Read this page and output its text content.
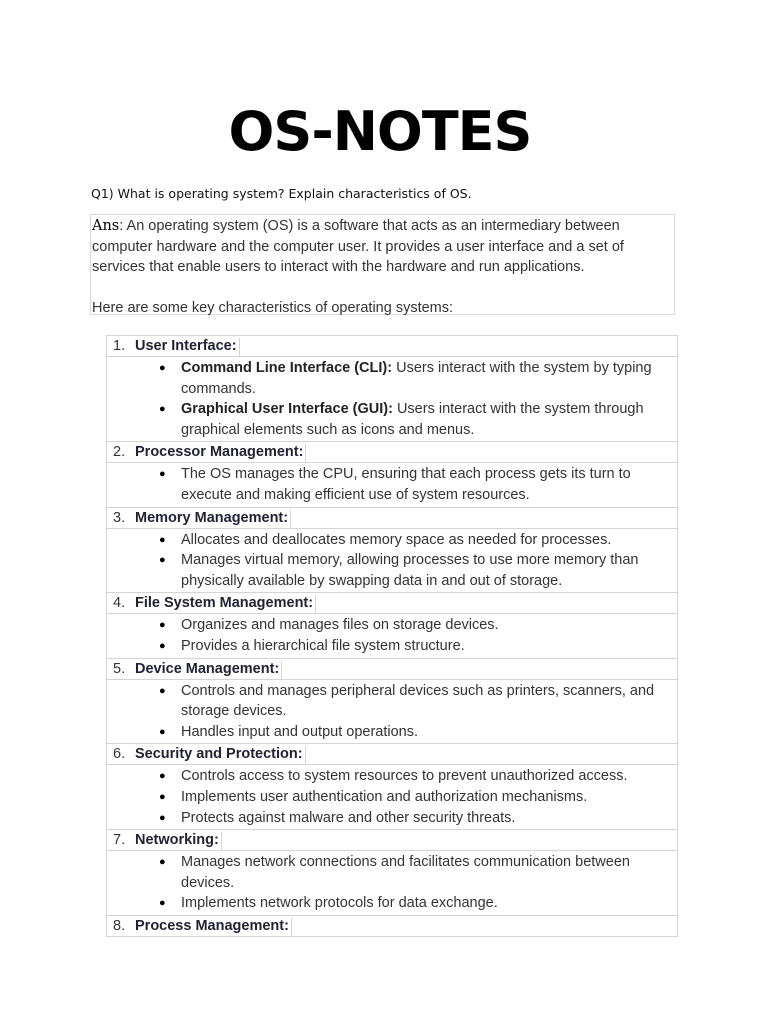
OS-NOTES
Q1) What is operating system? Explain characteristics of OS.

Ans: An operating system (OS) is a software that acts as an intermediary between computer hardware and the computer user. It provides a user interface and a set of services that enable users to interact with the hardware and run applications.

Here are some key characteristics of operating systems:

1. User Interface:
● Command Line Interface (CLI): Users interact with the system by typing commands.
● Graphical User Interface (GUI): Users interact with the system through graphical elements such as icons and menus.
2. Processor Management:
● The OS manages the CPU, ensuring that each process gets its turn to execute and making efficient use of system resources.
3. Memory Management:
● Allocates and deallocates memory space as needed for processes.
● Manages virtual memory, allowing processes to use more memory than physically available by swapping data in and out of storage.
4. File System Management:
● Organizes and manages files on storage devices.
● Provides a hierarchical file system structure.
5. Device Management:
● Controls and manages peripheral devices such as printers, scanners, and storage devices.
● Handles input and output operations.
6. Security and Protection:
● Controls access to system resources to prevent unauthorized access.
● Implements user authentication and authorization mechanisms.
● Protects against malware and other security threats.
7. Networking:
● Manages network connections and facilitates communication between devices.
● Implements network protocols for data exchange.
8. Process Management:
